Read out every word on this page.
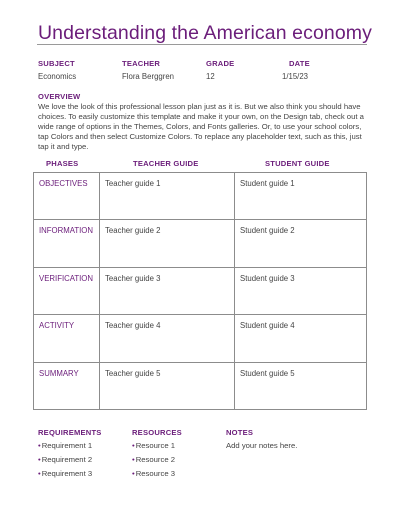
Understanding the American economy
SUBJECT	TEACHER	GRADE	DATE
Economics	Flora Berggren	12	1/15/23
OVERVIEW
We love the look of this professional lesson plan just as it is. But we also think you should have choices. To easily customize this template and make it your own, on the Design tab, check out a wide range of options in the Themes, Colors, and Fonts galleries. Or, to use your school colors, tap Colors and then select Customize Colors. To replace any placeholder text, such as this, just tap it and type.
PHASES	TEACHER GUIDE	STUDENT GUIDE
OBJECTIVES	Teacher guide 1	Student guide 1
INFORMATION	Teacher guide 2	Student guide 2
VERIFICATION	Teacher guide 3	Student guide 3
ACTIVITY	Teacher guide 4	Student guide 4
SUMMARY	Teacher guide 5	Student guide 5
REQUIREMENTS	RESOURCES	NOTES
•Requirement 1
•Requirement 2
•Requirement 3
•Resource 1
•Resource 2
•Resource 3
Add your notes here.
